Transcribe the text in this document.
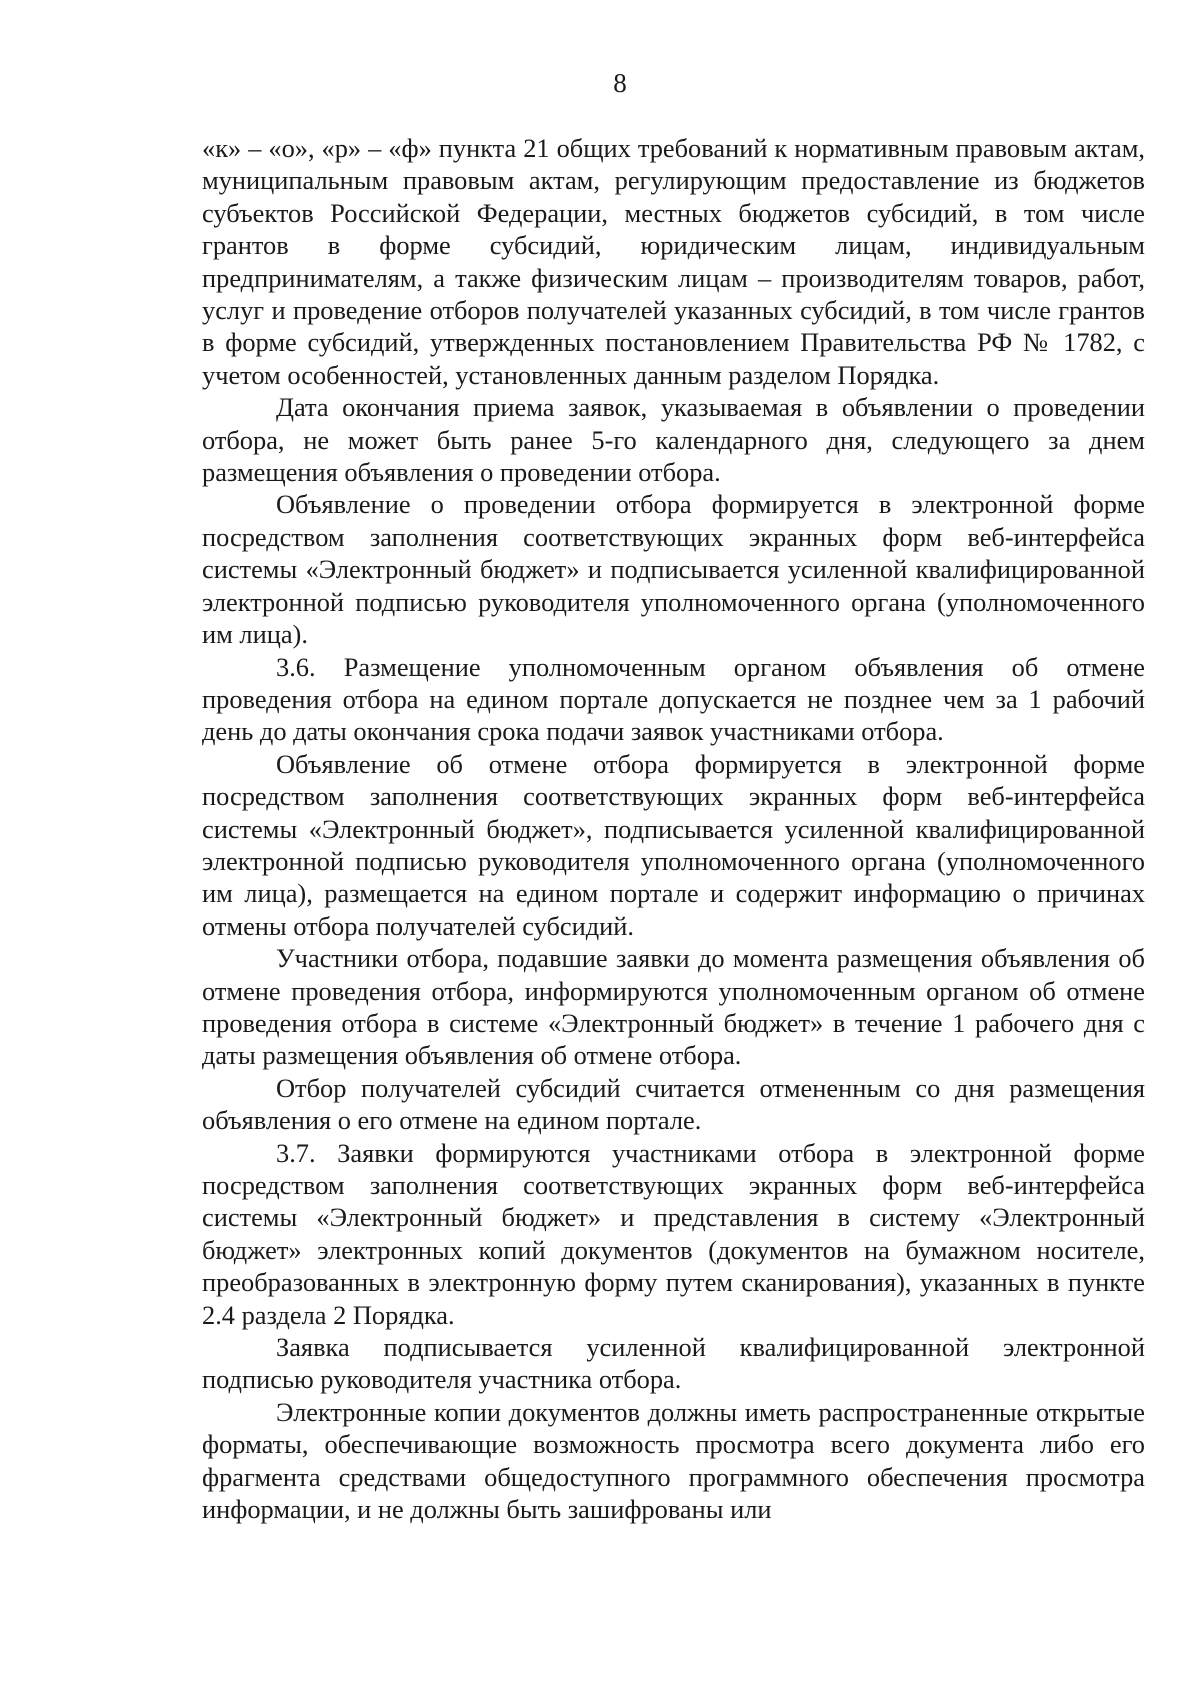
8

«к» – «о», «р» – «ф» пункта 21 общих требований к нормативным правовым актам, муниципальным правовым актам, регулирующим предоставление из бюджетов субъектов Российской Федерации, местных бюджетов субсидий, в том числе грантов в форме субсидий, юридическим лицам, индивидуальным предпринимателям, а также физическим лицам – производителям товаров, работ, услуг и проведение отборов получателей указанных субсидий, в том числе грантов в форме субсидий, утвержденных постановлением Правительства РФ № 1782, с учетом особенностей, установленных данным разделом Порядка.

Дата окончания приема заявок, указываемая в объявлении о проведении отбора, не может быть ранее 5-го календарного дня, следующего за днем размещения объявления о проведении отбора.

Объявление о проведении отбора формируется в электронной форме посредством заполнения соответствующих экранных форм веб-интерфейса системы «Электронный бюджет» и подписывается усиленной квалифицированной электронной подписью руководителя уполномоченного органа (уполномоченного им лица).

3.6. Размещение уполномоченным органом объявления об отмене проведения отбора на едином портале допускается не позднее чем за 1 рабочий день до даты окончания срока подачи заявок участниками отбора.

Объявление об отмене отбора формируется в электронной форме посредством заполнения соответствующих экранных форм веб-интерфейса системы «Электронный бюджет», подписывается усиленной квалифицированной электронной подписью руководителя уполномоченного органа (уполномоченного им лица), размещается на едином портале и содержит информацию о причинах отмены отбора получателей субсидий.

Участники отбора, подавшие заявки до момента размещения объявления об отмене проведения отбора, информируются уполномоченным органом об отмене проведения отбора в системе «Электронный бюджет» в течение 1 рабочего дня с даты размещения объявления об отмене отбора.

Отбор получателей субсидий считается отмененным со дня размещения объявления о его отмене на едином портале.

3.7. Заявки формируются участниками отбора в электронной форме посредством заполнения соответствующих экранных форм веб-интерфейса системы «Электронный бюджет» и представления в систему «Электронный бюджет» электронных копий документов (документов на бумажном носителе, преобразованных в электронную форму путем сканирования), указанных в пункте 2.4 раздела 2 Порядка.

Заявка подписывается усиленной квалифицированной электронной подписью руководителя участника отбора.

Электронные копии документов должны иметь распространенные открытые форматы, обеспечивающие возможность просмотра всего документа либо его фрагмента средствами общедоступного программного обеспечения просмотра информации, и не должны быть зашифрованы или
